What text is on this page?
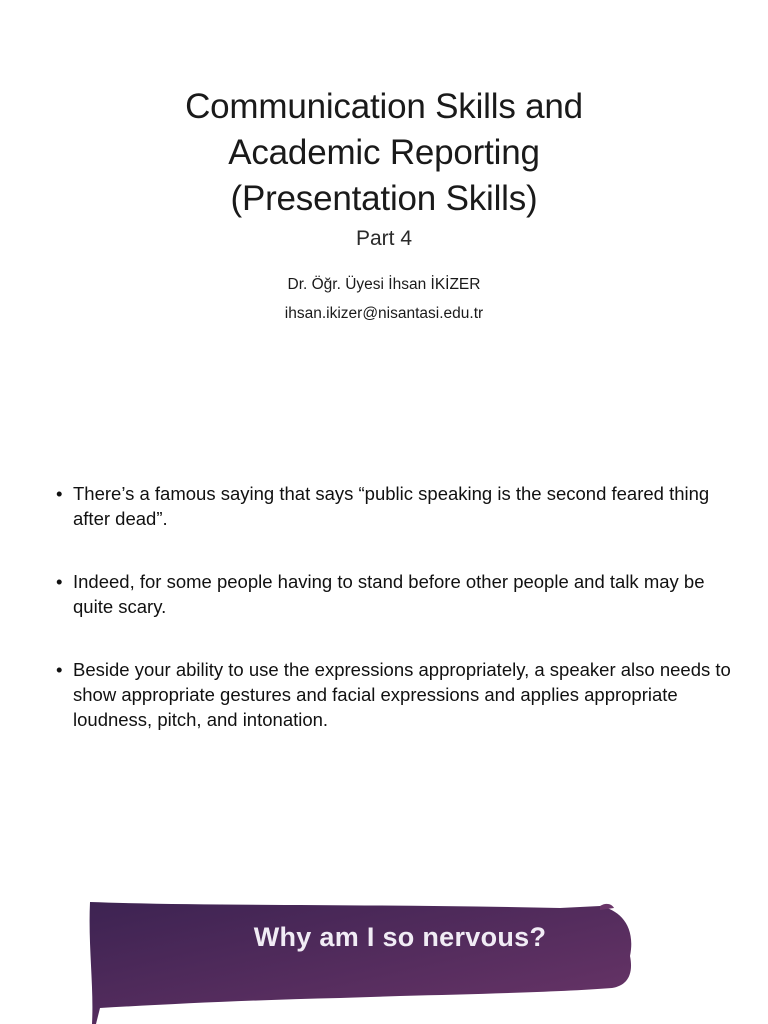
Communication Skills and
Academic Reporting
(Presentation Skills)
Part 4
Dr. Öğr. Üyesi İhsan İKİZER
ihsan.ikizer@nisantasi.edu.tr
• There’s a famous saying that says “public speaking is the second feared thing after dead”.
• Indeed, for some people having to stand before other people and talk may be quite scary.
• Beside your ability to use the expressions appropriately, a speaker also needs to show appropriate gestures and facial expressions and applies appropriate loudness, pitch, and intonation.
Why am I so nervous?
